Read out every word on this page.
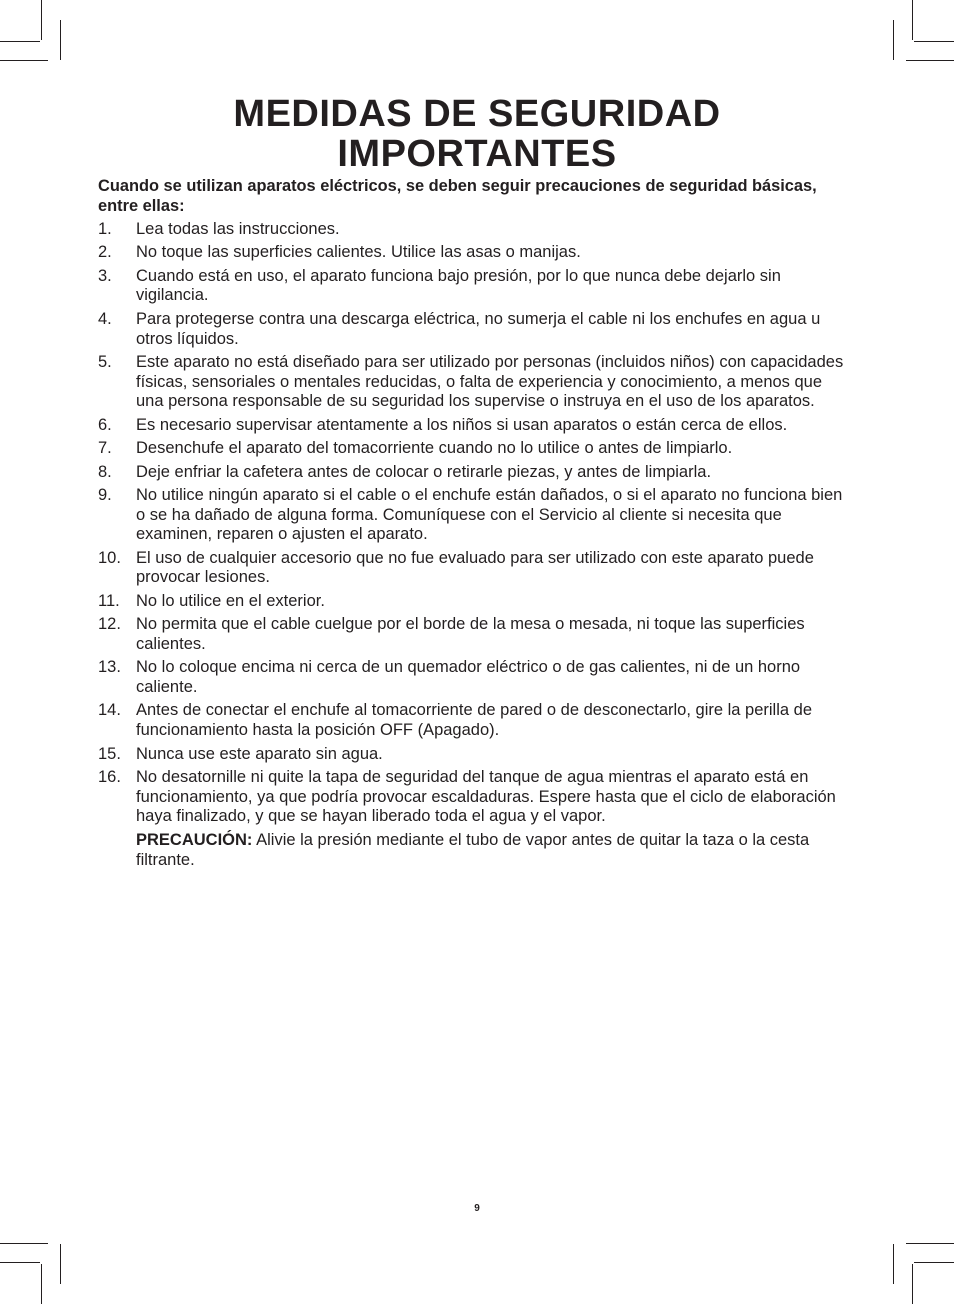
MEDIDAS DE SEGURIDAD
IMPORTANTES

Cuando se utilizan aparatos eléctricos, se deben seguir precauciones de seguridad básicas, entre ellas:

1. Lea todas las instrucciones.
2. No toque las superficies calientes. Utilice las asas o manijas.
3. Cuando está en uso, el aparato funciona bajo presión, por lo que nunca debe dejarlo sin vigilancia.
4. Para protegerse contra una descarga eléctrica, no sumerja el cable ni los enchufes en agua u otros líquidos.
5. Este aparato no está diseñado para ser utilizado por personas (incluidos niños) con capacidades físicas, sensoriales o mentales reducidas, o falta de experiencia y conocimiento, a menos que una persona responsable de su seguridad los supervise o instruya en el uso de los aparatos.
6. Es necesario supervisar atentamente a los niños si usan aparatos o están cerca de ellos.
7. Desenchufe el aparato del tomacorriente cuando no lo utilice o antes de limpiarlo.
8. Deje enfriar la cafetera antes de colocar o retirarle piezas, y antes de limpiarla.
9. No utilice ningún aparato si el cable o el enchufe están dañados, o si el aparato no funciona bien o se ha dañado de alguna forma. Comuníquese con el Servicio al cliente si necesita que examinen, reparen o ajusten el aparato.
10. El uso de cualquier accesorio que no fue evaluado para ser utilizado con este aparato puede provocar lesiones.
11. No lo utilice en el exterior.
12. No permita que el cable cuelgue por el borde de la mesa o mesada, ni toque las superficies calientes.
13. No lo coloque encima ni cerca de un quemador eléctrico o de gas calientes, ni de un horno caliente.
14. Antes de conectar el enchufe al tomacorriente de pared o de desconectarlo, gire la perilla de funcionamiento hasta la posición OFF (Apagado).
15. Nunca use este aparato sin agua.
16. No desatornille ni quite la tapa de seguridad del tanque de agua mientras el aparato está en funcionamiento, ya que podría provocar escaldaduras. Espere hasta que el ciclo de elaboración haya finalizado, y que se hayan liberado toda el agua y el vapor.
PRECAUCIÓN: Alivie la presión mediante el tubo de vapor antes de quitar la taza o la cesta filtrante.
9
